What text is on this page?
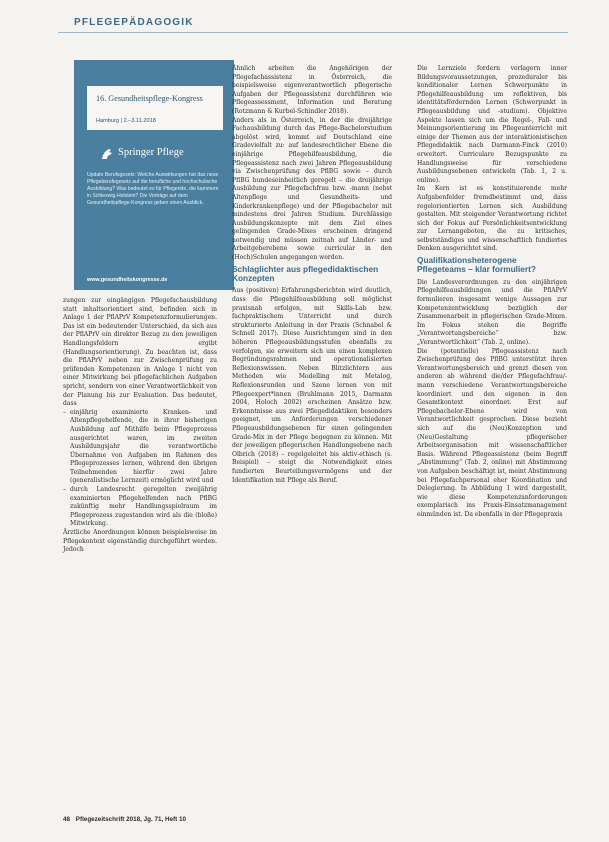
PFLEGEPÄDAGOGIK
16. Gesundheitspflege-Kongress
Hamburg | 2.–3.11.2018
Springer Pflege
Update Berufsgesetz: Welche Auswirkungen hat das neue Pflegeberufegesetz auf die berufliche und hochschulische Ausbildung? Was bedeutet es für Pflegende, die kammern in Schleswig-Holstein? Die Vorträge auf dem Gesundheitspflege-Kongress geben einen Ausblick.
www.gesundheitskongresse.de

zungen zur eingängigen Pflegefachausbildung statt inhaltsorientiert sind, befinden sich in Anlage 1 der PflAPrV Kompetenzformulierungen. Das ist ein bedeutender Unterschied, da sich aus der PflAPrV ein direkter Bezug zu den jeweiligen Handlungsfeldern ergibt (Handlungsorientierung). Zu beachten ist, dass die PflAPrV neben zur Zwischenprüfung zu prüfenden Kompetenzen in Anlage 1 nicht von einer Mitwirkung bei pflegefachlichen Aufgaben spricht, sondern von einer Verantwortlichkeit von der Planung bis zur Evaluation. Das bedeutet, dass

– einjährig examinierte Kranken- und Altenpflegehelfende, die in ihrer bisherigen Ausbildung auf Mithilfe beim Pflegeprozess ausgerichtet waren, im zweiten Ausbildungsjahr die verantwortliche Übernahme von Aufgaben im Rahmen des Pflegeprozesses lernen, während den übrigen Teilnehmenden hierfür zwei Jahre (generalistische Lernzeit) ermöglicht wird und
– durch Landesrecht geregelten zweijährig examinierten Pflegehelfenden nach PflBG zukünftig mehr Handlungsspielraum im Pflegeprozess zugestanden wird als die (bloße) Mitwirkung.

Ärztliche Anordnungen können beispielsweise im Pflegekontext eigenständig durchgeführt werden. Jedoch

Ähnlich arbeiten die Angehörigen der Pflegefachassistenz in Österreich, die beispielsweise eigenverantwortlich pflegerische Aufgaben der Pflegeassistenz durchführen wie Pflegeassessment, Information und Beratung (Rotzmann & Kurbel-Schindler 2018).

Anders als in Österreich, in der die dreijährige Fachausbildung durch das Pflege-Bachelorstudium abgelöst wird, kommt auf Deutschland eine Gradevielfalt zu: auf landesrechtlicher Ebene die einjährige Pflegehilfeausbildung, die Pflegeassistenz nach zwei Jahren Pflegeausbildung via Zwischenprüfung des PflBG sowie – durch PflBG bundeseinheitlich geregelt – die dreijährige Ausbildung zur Pflegefachfrau bzw. -mann (nebst Altenpflege und Gesundheits- und Kinderkrankenpflege) und der Pflegebachelor mit mindestens drei Jahren Studium. Durchlässige Ausbildungskonzepte mit dem Ziel eines gelingenden Grade-Mixes erscheinen dringend notwendig und müssen zeitnah auf Länder- und Arbeitgeberebene sowie curricular in den (Hoch)Schulen angegangen werden.

Schlaglichter aus pflegedidaktischen Konzepten

Aus (positiven) Erfahrungsberichten wird deutlich, dass die Pflegehilfeausbildung soll möglichst praxisnah erfolgen, mit Skills-Lab bzw. fachpraktischem Unterricht und durch strukturierte Anleitung in der Praxis (Schnabel & Schnell 2017). Diese Ausrichtungen sind in den höheren Pflegeausbildungsstufen ebenfalls zu verfolgen, sie erweitern sich um einen komplexen Begründungsrahmen und operationalisierten Reflexionswissen. Neben Blitzlichtern aus Methoden wie Modelling mit Metalog, Reflexionsrunden und Szene lernen von mit Pflegeexpert*innen (Bruhlmann 2015, Darmann 2004, Holoch 2002) erscheinen Ansätze bzw. Erkenntnisse aus zwei Pflegedidaktiken besonders geeignet, um Anforderungen verschiedener Pflegeausbildungsebenen für einen gelingenden Grade-Mix in der Pflege begegnen zu können. Mit der jeweiligen pflegerischen Handlungsebene nach Olbrich (2018) – regelgeleitet bis aktiv-ethisch (s. Beispiel) – steigt die Notwendigkeit eines fundierten Beurteilungsvermögens und der Identifikation mit Pflege als Beruf.

Die Lernziele fordern verlagern inner Bildungsvoraussetzungen, prozeduraler bis konditionaler Lernen Schwerpunkte in Pflegehilfeausbildung um reflektiven, bis identitätsfördernden Lernen (Schwerpunkt in Pflegeausbildung und -studium). Objektive Aspekte lassen sich um die Regel-, Fall- und Meinungsorientierung im Pflegeunterricht mit einige der Themen aus der interaktionistischen Pflegedidaktik nach Darmann-Finck (2010) erweitert. Curriculare Bezugspunkte zu Handlungsweise für verschiedene Ausbildungsebenen entwickeln (Tab. 1, 2 u. online).

Im Kern ist es konstituierende mehr Aufgabenfelder fremdbestimmt und, dass regelorientierten Lernen sich Ausbildung gestalten. Mit steigender Verantwortung richtet sich der Fokus auf Persönlichkeitsentwicklung zur Lernangeboten, die zu kritisches, selbstständiges und wissenschaftlich fundiertes Denken ausgerichtet sind.

Qualifikationsheterogene Pflegeteams – klar formuliert?

Die Landesverordnungen zu den einjährigen Pflegehilfeausbildungen und die PflAPrV formulieren insgesamt wenige Aussagen zur Kompetenzentwicklung bezüglich der Zusammenarbeit in pflegerischen Grade-Mixen. Im Fokus stehen die Begriffe „Verantwortungsbereiche“ bzw. „Verantwortlichkeit“ (Tab. 2, online).

Die (potentielle) Pflegeassistenz nach Zwischenprüfung des PflBG unterstützt ihren Verantwortungsbereich und grenzt diesen von anderen ab während die/der Pflegefachfrau/-mann verschiedene Verantwortungsbereiche koordiniert und den eigenen in den Gesamtkontext einordnet. Erst auf Pflegebachelor-Ebene wird von Verantwortlichkeit gesprochen. Diese bezieht sich auf die (Neu)Konzeption und (Neu)Gestaltung pflegerischer Arbeitsorganisation mit wissenschaftlicher Basis. Während Pflegeassistenz (beim Begriff „Abstimmung“ (Tab. 2, online) mit Abstimmung von Aufgaben beschäftigt ist, meint Abstimmung bei Pflegefachpersonal eher Koordination und Delegierung. In Abbildung 1 wird dargestellt, wie diese Kompetenzanforderungen exemplarisch ins Praxis-Einsatzmanagement einmünden ist. Da ebenfalls in der Pflegepraxis

48 Pflegezeitschrift 2018, Jg. 71, Heft 10
